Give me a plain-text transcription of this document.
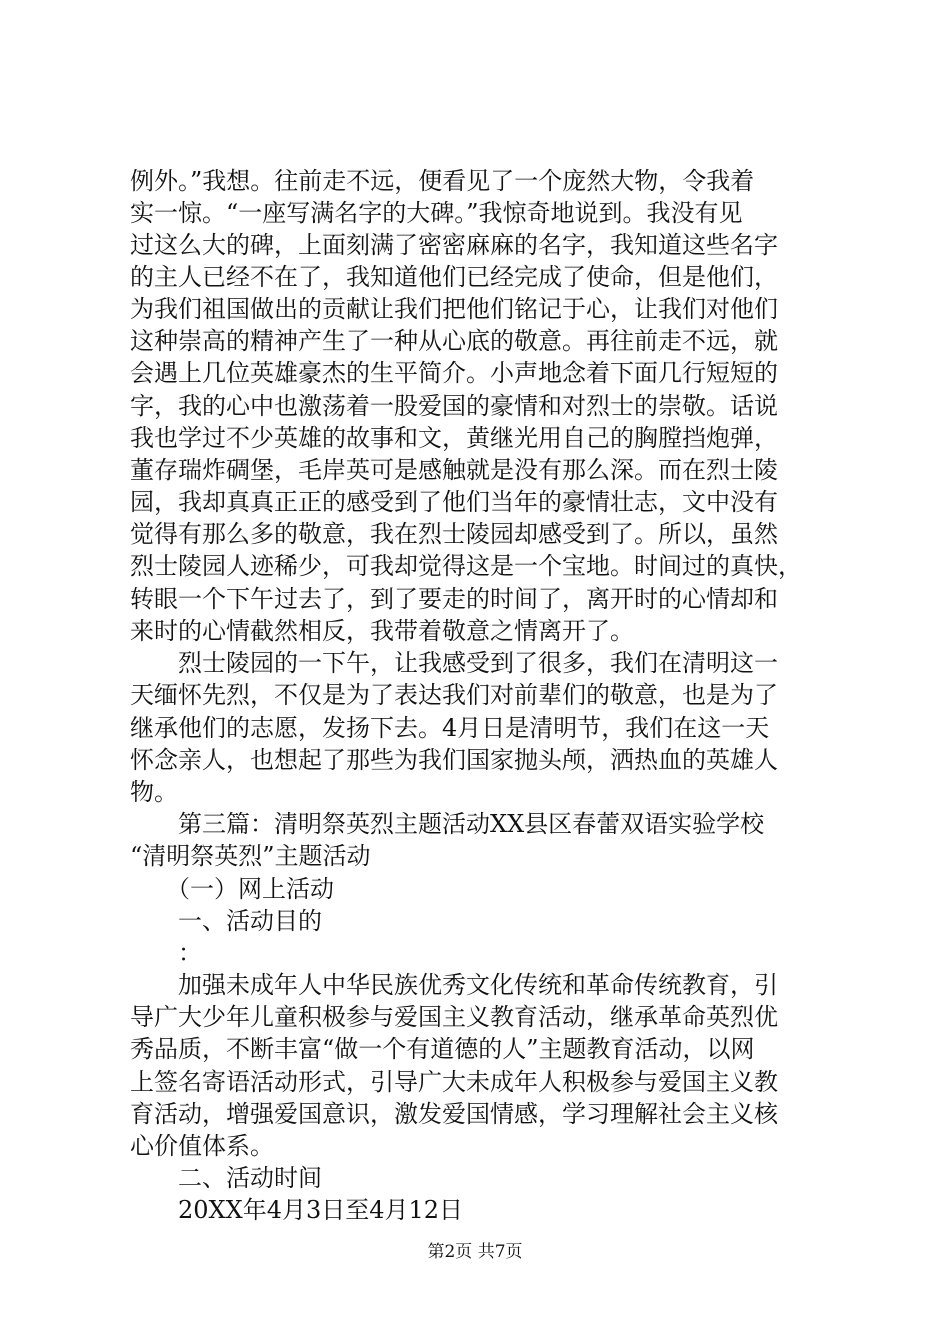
例外。”我想。往前走不远，便看见了一个庞然大物，令我着
实一惊。“一座写满名字的大碑。”我惊奇地说到。我没有见
过这么大的碑，上面刻满了密密麻麻的名字，我知道这些名字
的主人已经不在了，我知道他们已经完成了使命，但是他们，
为我们祖国做出的贡献让我们把他们铭记于心，让我们对他们
这种崇高的精神产生了一种从心底的敬意。再往前走不远，就
会遇上几位英雄豪杰的生平简介。小声地念着下面几行短短的
字，我的心中也激荡着一股爱国的豪情和对烈士的崇敬。话说
我也学过不少英雄的故事和文，黄继光用自己的胸膛挡炮弹，
董存瑞炸碉堡，毛岸英可是感触就是没有那么深。而在烈士陵
园，我却真真正正的感受到了他们当年的豪情壮志，文中没有
觉得有那么多的敬意，我在烈士陵园却感受到了。所以，虽然
烈士陵园人迹稀少，可我却觉得这是一个宝地。时间过的真快，
转眼一个下午过去了，到了要走的时间了，离开时的心情却和
来时的心情截然相反，我带着敬意之情离开了。
　　烈士陵园的一下午，让我感受到了很多，我们在清明这一
天缅怀先烈，不仅是为了表达我们对前辈们的敬意，也是为了
继承他们的志愿，发扬下去。4月日是清明节，我们在这一天
怀念亲人，也想起了那些为我们国家抛头颅，洒热血的英雄人
物。
　　第三篇：清明祭英烈主题活动XX县区春蕾双语实验学校
“清明祭英烈”主题活动
　　（一）网上活动
　　一、活动目的
　　：
　　加强未成年人中华民族优秀文化传统和革命传统教育，引
导广大少年儿童积极参与爱国主义教育活动，继承革命英烈优
秀品质，不断丰富“做一个有道德的人”主题教育活动，以网
上签名寄语活动形式，引导广大未成年人积极参与爱国主义教
育活动，增强爱国意识，激发爱国情感，学习理解社会主义核
心价值体系。
　　二、活动时间
　　20XX年4月3日至4月12日
第2页 共7页
